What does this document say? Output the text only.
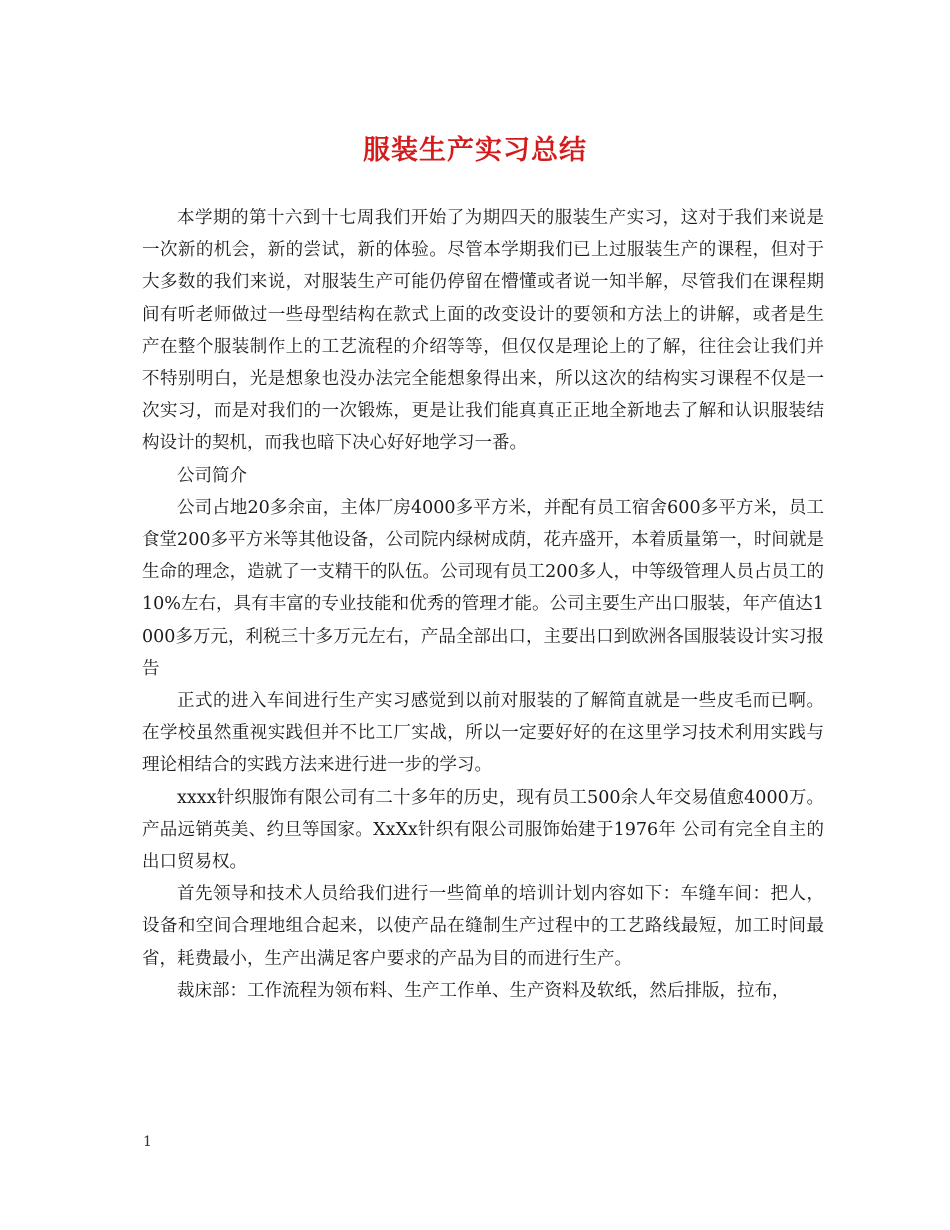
服装生产实习总结

本学期的第十六到十七周我们开始了为期四天的服装生产实习，这对于我们来说是一次新的机会，新的尝试，新的体验。尽管本学期我们已上过服装生产的课程，但对于大多数的我们来说，对服装生产可能仍停留在懵懂或者说一知半解，尽管我们在课程期间有听老师做过一些母型结构在款式上面的改变设计的要领和方法上的讲解，或者是生产在整个服装制作上的工艺流程的介绍等等，但仅仅是理论上的了解，往往会让我们并不特别明白，光是想象也没办法完全能想象得出来，所以这次的结构实习课程不仅是一次实习，而是对我们的一次锻炼，更是让我们能真真正正地全新地去了解和认识服装结构设计的契机，而我也暗下决心好好地学习一番。

公司简介

公司占地20多余亩，主体厂房4000多平方米，并配有员工宿舍600多平方米，员工食堂200多平方米等其他设备，公司院内绿树成荫，花卉盛开，本着质量第一，时间就是生命的理念，造就了一支精干的队伍。公司现有员工200多人，中等级管理人员占员工的10%左右，具有丰富的专业技能和优秀的管理才能。公司主要生产出口服装，年产值达1000多万元，利税三十多万元左右，产品全部出口，主要出口到欧洲各国服装设计实习报告

正式的进入车间进行生产实习感觉到以前对服装的了解简直就是一些皮毛而已啊。在学校虽然重视实践但并不比工厂实战，所以一定要好好的在这里学习技术利用实践与理论相结合的实践方法来进行进一步的学习。

xxxx针织服饰有限公司有二十多年的历史，现有员工500余人年交易值愈4000万。产品远销英美、约旦等国家。XxXx针织有限公司服饰始建于1976年 公司有完全自主的出口贸易权。

首先领导和技术人员给我们进行一些简单的培训计划内容如下：车缝车间：把人，设备和空间合理地组合起来，以使产品在缝制生产过程中的工艺路线最短，加工时间最省，耗费最小，生产出满足客户要求的产品为目的而进行生产。

裁床部：工作流程为领布料、生产工作单、生产资料及软纸，然后排版，拉布，

1
